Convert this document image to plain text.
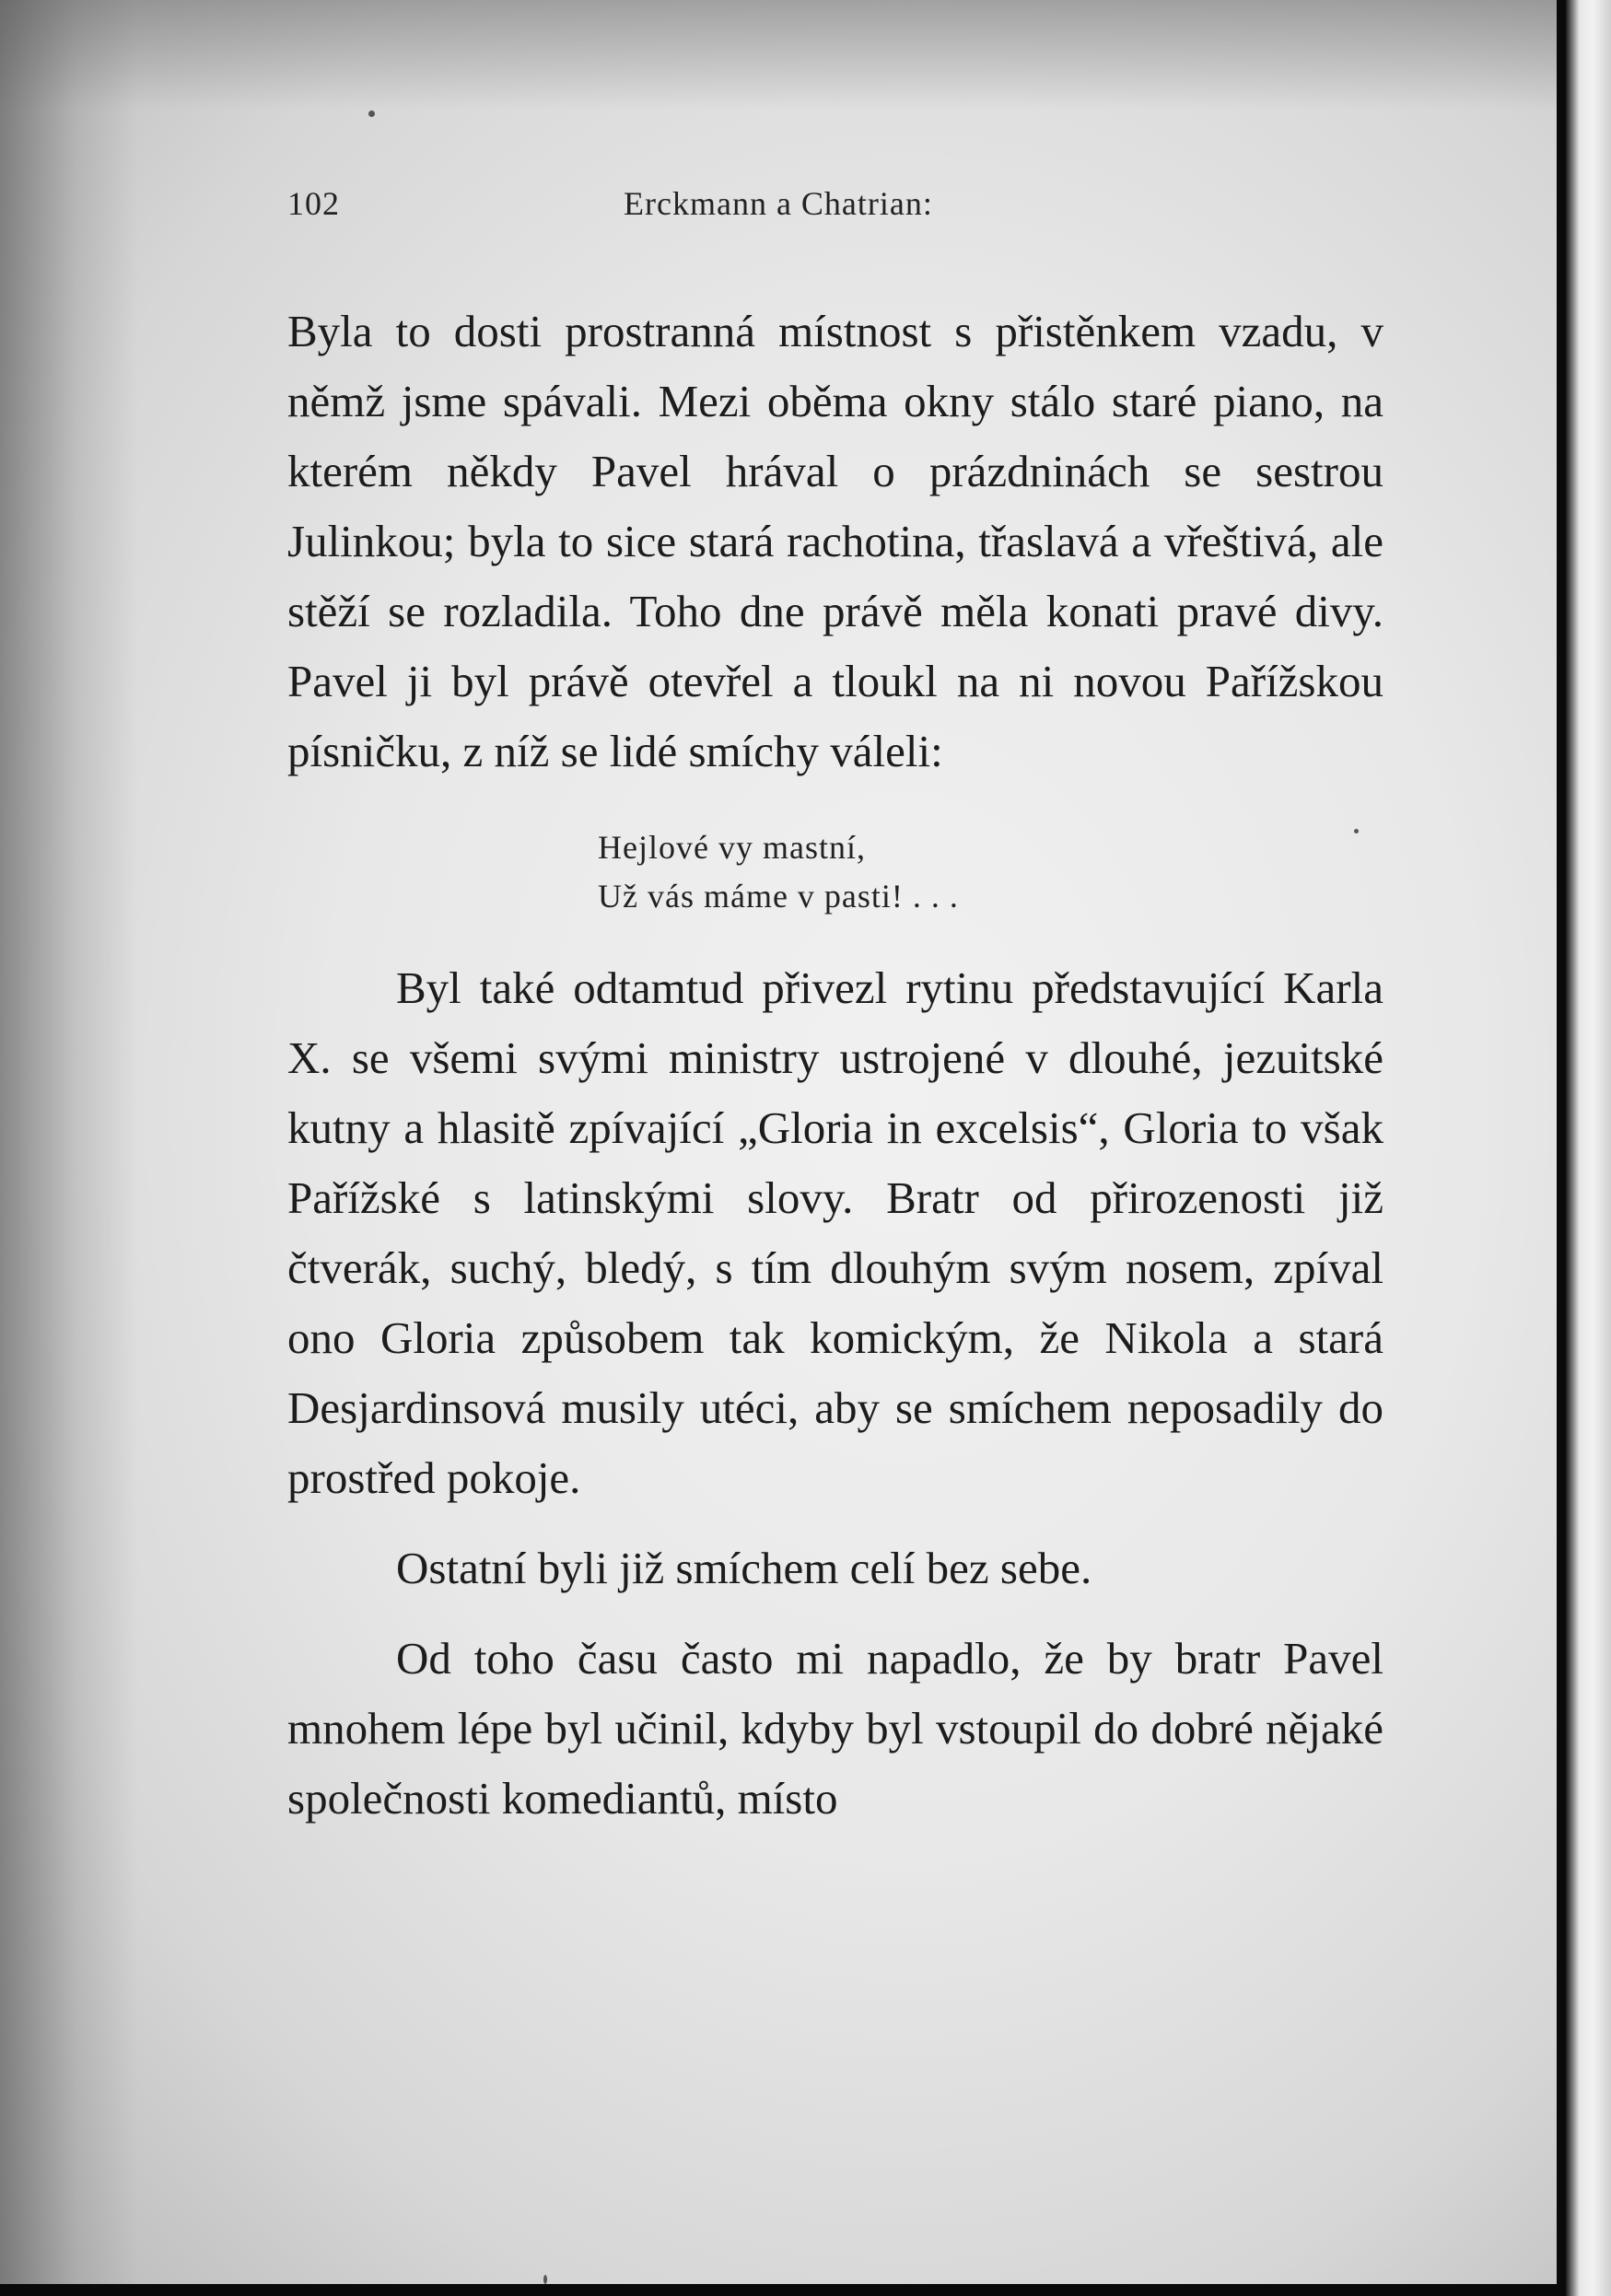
102	Erckmann a Chatrian:

Byla to dosti prostranná místnost s přistěnkem vzadu, v němž jsme spávali. Mezi oběma okny stálo staré piano, na kterém někdy Pavel hrával o prázdninách se sestrou Julinkou; byla to sice stará rachotina, třaslavá a vřeštivá, ale stěží se rozladila. Toho dne právě měla konati pravé divy. Pavel ji byl právě otevřel a tloukl na ni novou Pařížskou písničku, z níž se lidé smíchy váleli:

Hejlové vy mastní,
Už vás máme v pasti! . . .

Byl také odtamtud přivezl rytinu představující Karla X. se všemi svými ministry ustrojené v dlouhé, jezuitské kutny a hlasitě zpívající „Gloria in excelsis“, Gloria to však Pařížské s latinskými slovy. Bratr od přirozenosti již čtverák, suchý, bledý, s tím dlouhým svým nosem, zpíval ono Gloria způsobem tak komickým, že Nikola a stará Desjardinsová musily utéci, aby se smíchem neposadily do prostřed pokoje.

Ostatní byli již smíchem celí bez sebe.

Od toho času často mi napadlo, že by bratr Pavel mnohem lépe byl učinil, kdyby byl vstoupil do dobré nějaké společnosti komediantů, místo
